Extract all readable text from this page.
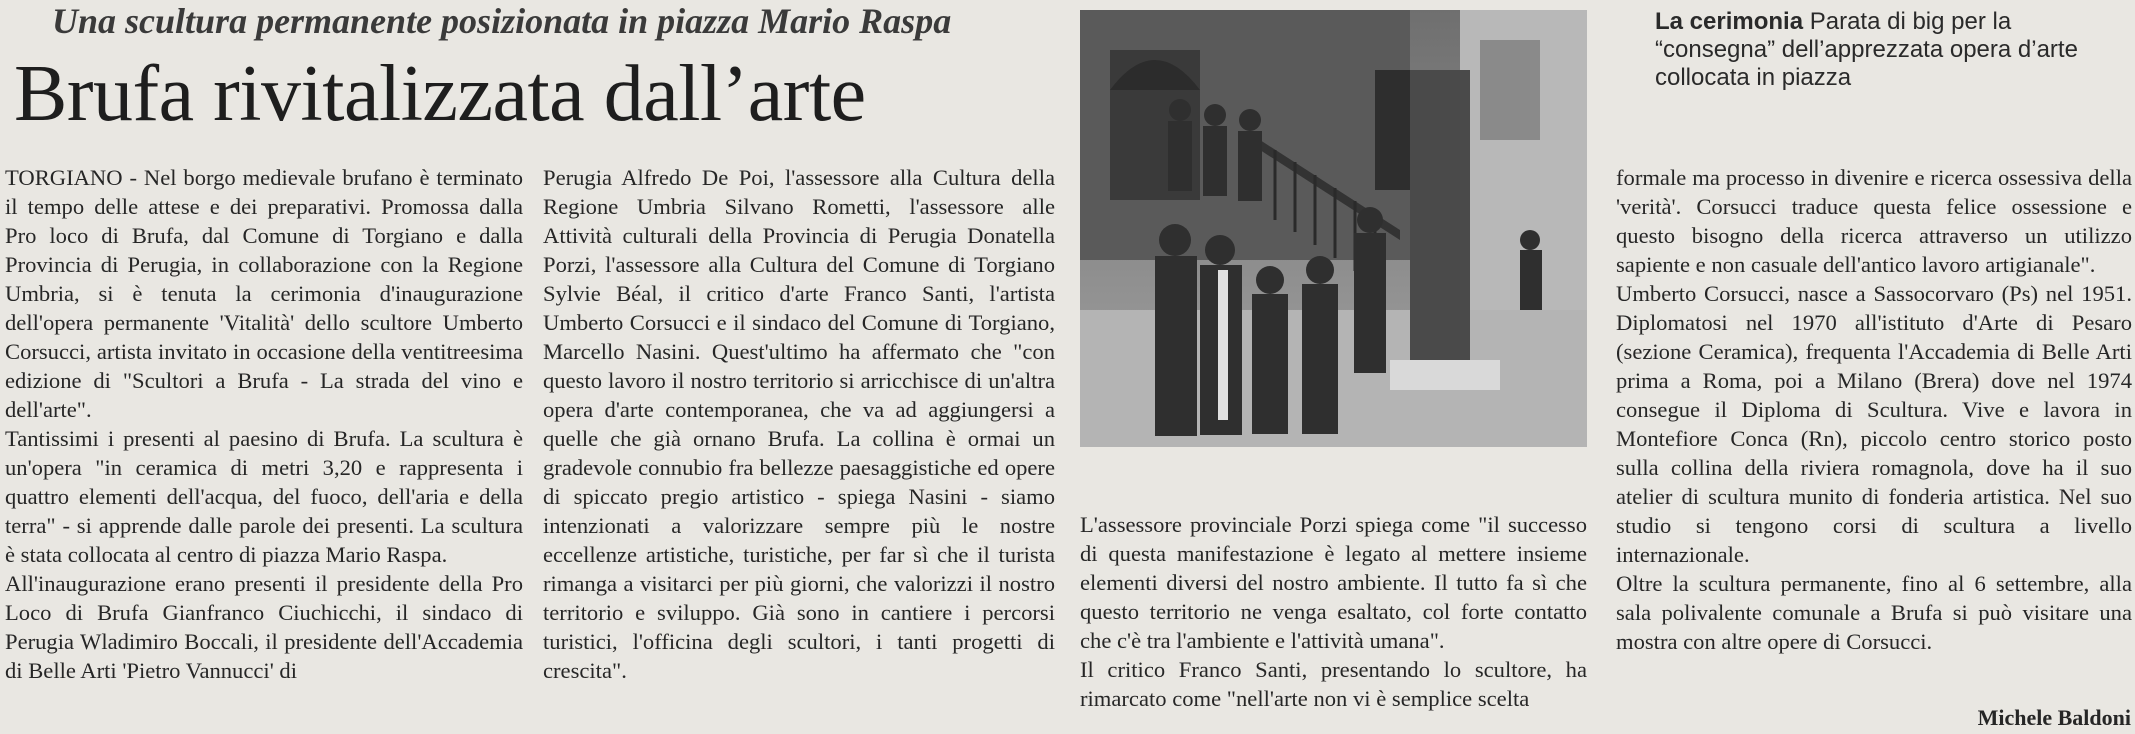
Una scultura permanente posizionata in piazza Mario Raspa
Brufa rivitalizzata dall’arte

TORGIANO - Nel borgo medievale brufano è terminato il tempo delle attese e dei preparativi. Promossa dalla Pro loco di Brufa, dal Comune di Torgiano e dalla Provincia di Perugia, in collaborazione con la Regione Umbria, si è tenuta la cerimonia d'inaugurazione dell'opera permanente 'Vitalità' dello scultore Umberto Corsucci, artista invitato in occasione della ventitreesima edizione di "Scultori a Brufa - La strada del vino e dell'arte".

Tantissimi i presenti al paesino di Brufa. La scultura è un'opera "in ceramica di metri 3,20 e rappresenta i quattro elementi dell'acqua, del fuoco, dell'aria e della terra" - si apprende dalle parole dei presenti. La scultura è stata collocata al centro di piazza Mario Raspa.

All'inaugurazione erano presenti il presidente della Pro Loco di Brufa Gianfranco Ciuchicchi, il sindaco di Perugia Wladimiro Boccali, il presidente dell'Accademia di Belle Arti 'Pietro Vannucci' di

Perugia Alfredo De Poi, l'assessore alla Cultura della Regione Umbria Silvano Rometti, l'assessore alle Attività culturali della Provincia di Perugia Donatella Porzi, l'assessore alla Cultura del Comune di Torgiano Sylvie Béal, il critico d'arte Franco Santi, l'artista Umberto Corsucci e il sindaco del Comune di Torgiano, Marcello Nasini. Quest'ultimo ha affermato che "con questo lavoro il nostro territorio si arricchisce di un'altra opera d'arte contemporanea, che va ad aggiungersi a quelle che già ornano Brufa. La collina è ormai un gradevole connubio fra bellezze paesaggistiche ed opere di spiccato pregio artistico - spiega Nasini - siamo intenzionati a valorizzare sempre più le nostre eccellenze artistiche, turistiche, per far sì che il turista rimanga a visitarci per più giorni, che valorizzi il nostro territorio e sviluppo. Già sono in cantiere i percorsi turistici, l'officina degli scultori, i tanti progetti di crescita".

La cerimonia Parata di big per la “consegna” dell’apprezzata opera d’arte collocata in piazza

L'assessore provinciale Porzi spiega come "il successo di questa manifestazione è legato al mettere insieme elementi diversi del nostro ambiente. Il tutto fa sì che questo territorio ne venga esaltato, col forte contatto che c'è tra l'ambiente e l'attività umana".

Il critico Franco Santi, presentando lo scultore, ha rimarcato come "nell'arte non vi è semplice scelta

formale ma processo in divenire e ricerca ossessiva della 'verità'. Corsucci traduce questa felice ossessione e questo bisogno della ricerca attraverso un utilizzo sapiente e non casuale dell'antico lavoro artigianale".

Umberto Corsucci, nasce a Sassocorvaro (Ps) nel 1951. Diplomatosi nel 1970 all'istituto d'Arte di Pesaro (sezione Ceramica), frequenta l'Accademia di Belle Arti prima a Roma, poi a Milano (Brera) dove nel 1974 consegue il Diploma di Scultura. Vive e lavora in Montefiore Conca (Rn), piccolo centro storico posto sulla collina della riviera romagnola, dove ha il suo atelier di scultura munito di fonderia artistica. Nel suo studio si tengono corsi di scultura a livello internazionale.

Oltre la scultura permanente, fino al 6 settembre, alla sala polivalente comunale a Brufa si può visitare una mostra con altre opere di Corsucci.

Michele Baldoni
